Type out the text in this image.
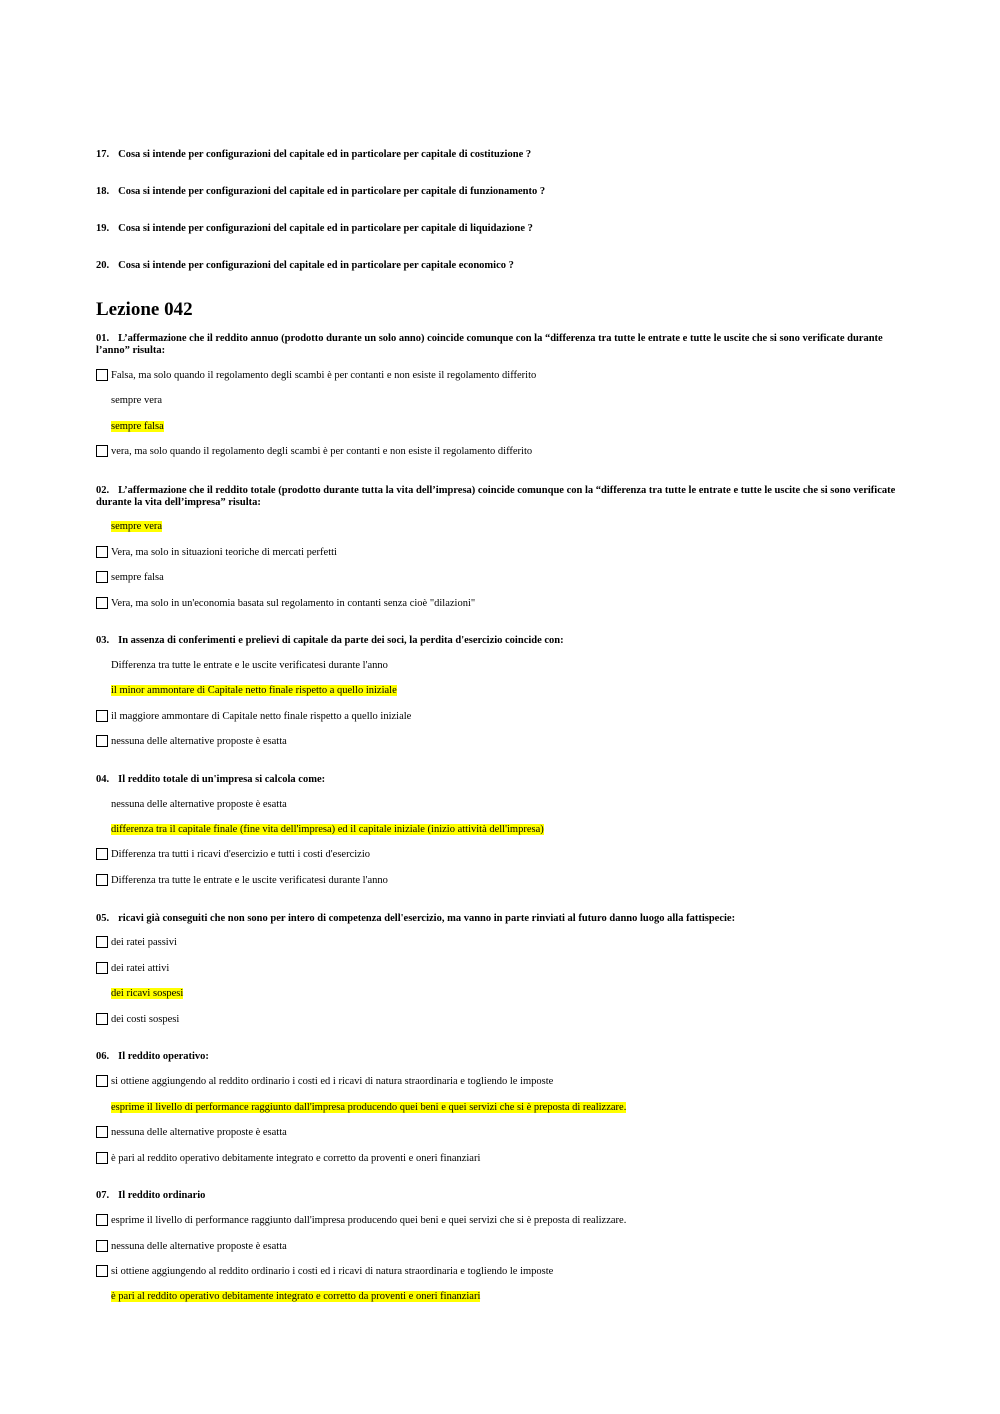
17. Cosa si intende per configurazioni del capitale ed in particolare per capitale di costituzione ?
18. Cosa si intende per configurazioni del capitale ed in particolare per capitale di funzionamento ?
19. Cosa si intende per configurazioni del capitale ed in particolare per capitale di liquidazione ?
20. Cosa si intende per configurazioni del capitale ed in particolare per capitale economico ?
Lezione 042
01. L’affermazione che il reddito annuo (prodotto durante un solo anno) coincide comunque con la “differenza tra tutte le entrate e tutte le uscite che si sono verificate durante l’anno” risulta:
Falsa, ma solo quando il regolamento degli scambi è per contanti e non esiste il regolamento differito
sempre vera
sempre falsa
vera, ma solo quando il regolamento degli scambi è per contanti e non esiste il regolamento differito
02. L’affermazione che il reddito totale (prodotto durante tutta la vita dell’impresa) coincide comunque con la “differenza tra tutte le entrate e tutte le uscite che si sono verificate durante la vita dell’impresa” risulta:
sempre vera
Vera, ma solo in situazioni teoriche di mercati perfetti
sempre falsa
Vera, ma solo in un'economia basata sul regolamento in contanti senza cioè "dilazioni"
03. In assenza di conferimenti e prelievi di capitale da parte dei soci, la perdita d'esercizio coincide con:
Differenza tra tutte le entrate e le uscite verificatesi durante l'anno
il minor ammontare di Capitale netto finale rispetto a quello iniziale
il maggiore ammontare di Capitale netto finale rispetto a quello iniziale
nessuna delle alternative proposte è esatta
04. Il reddito totale di un'impresa si calcola come:
nessuna delle alternative proposte è esatta
differenza tra il capitale finale (fine vita dell'impresa) ed il capitale iniziale (inizio attività dell'impresa)
Differenza tra tutti i ricavi d'esercizio e tutti i costi d'esercizio
Differenza tra tutte le entrate e le uscite verificatesi durante l'anno
05. ricavi già conseguiti che non sono per intero di competenza dell'esercizio, ma vanno in parte rinviati al futuro danno luogo alla fattispecie:
dei ratei passivi
dei ratei attivi
dei ricavi sospesi
dei costi sospesi
06. Il reddito operativo:
si ottiene aggiungendo al reddito ordinario i costi ed i ricavi di natura straordinaria e togliendo le imposte
esprime il livello di performance raggiunto dall'impresa producendo quei beni e quei servizi che si è preposta di realizzare.
nessuna delle alternative proposte è esatta
è pari al reddito operativo debitamente integrato e corretto da proventi e oneri finanziari
07. Il reddito ordinario
esprime il livello di performance raggiunto dall'impresa producendo quei beni e quei servizi che si è preposta di realizzare.
nessuna delle alternative proposte è esatta
si ottiene aggiungendo al reddito ordinario i costi ed i ricavi di natura straordinaria e togliendo le imposte
è pari al reddito operativo debitamente integrato e corretto da proventi e oneri finanziari
